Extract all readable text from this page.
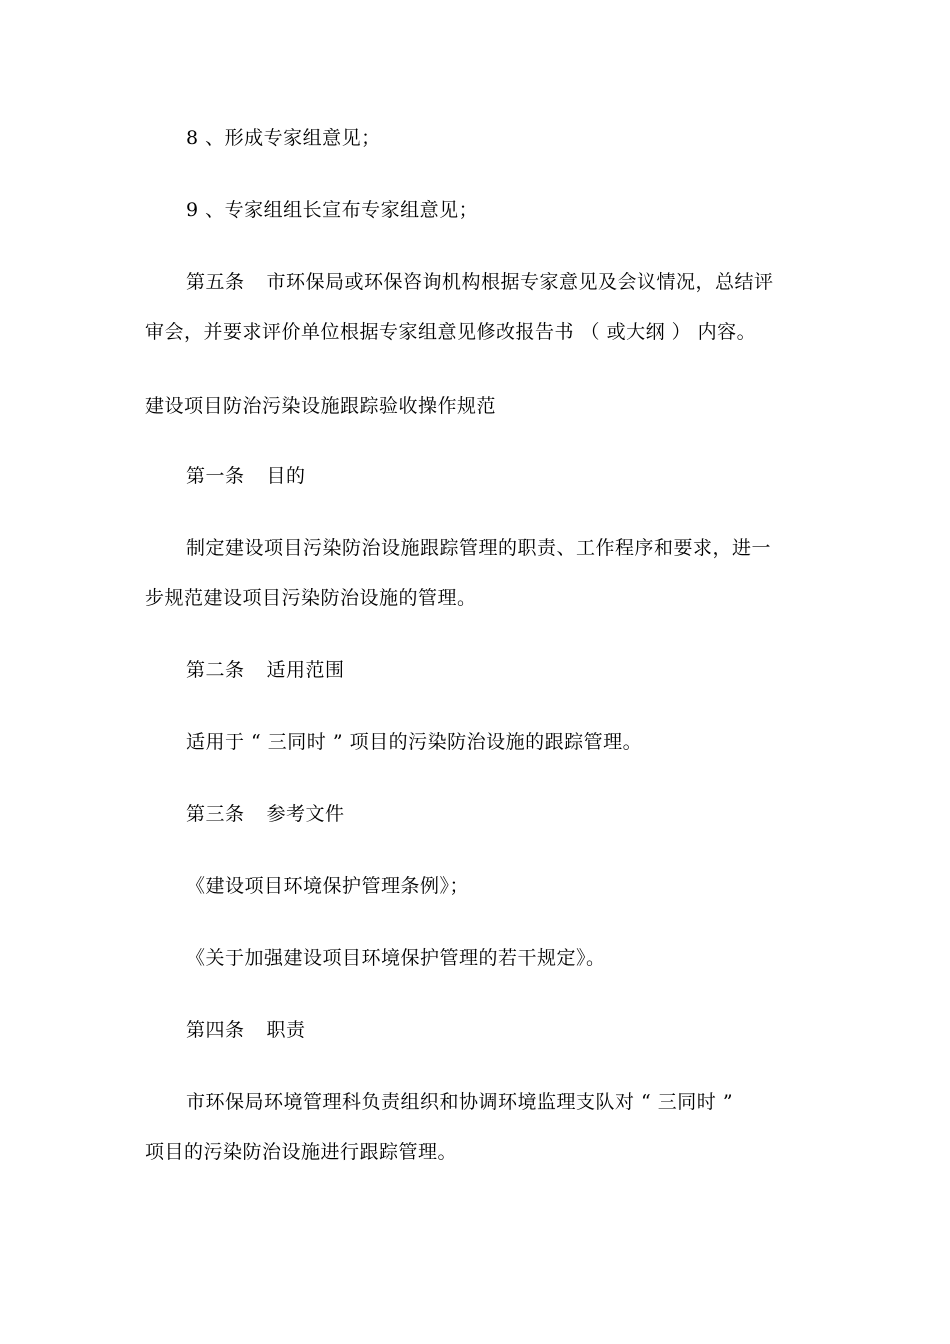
8 、形成专家组意见；
9 、专家组组长宣布专家组意见；
第五条 市环保局或环保咨询机构根据专家意见及会议情况，总结评
审会，并要求评价单位根据专家组意见修改报告书 （ 或大纲 ） 内容。
建设项目防治污染设施跟踪验收操作规范
第一条 目的
制定建设项目污染防治设施跟踪管理的职责、工作程序和要求，进一
步规范建设项目污染防治设施的管理。
第二条 适用范围
适用于 “ 三同时 ” 项目的污染防治设施的跟踪管理。
第三条 参考文件
《建设项目环境保护管理条例》；
《关于加强建设项目环境保护管理的若干规定》。
第四条 职责
市环保局环境管理科负责组织和协调环境监理支队对 “ 三同时 ”
项目的污染防治设施进行跟踪管理。
